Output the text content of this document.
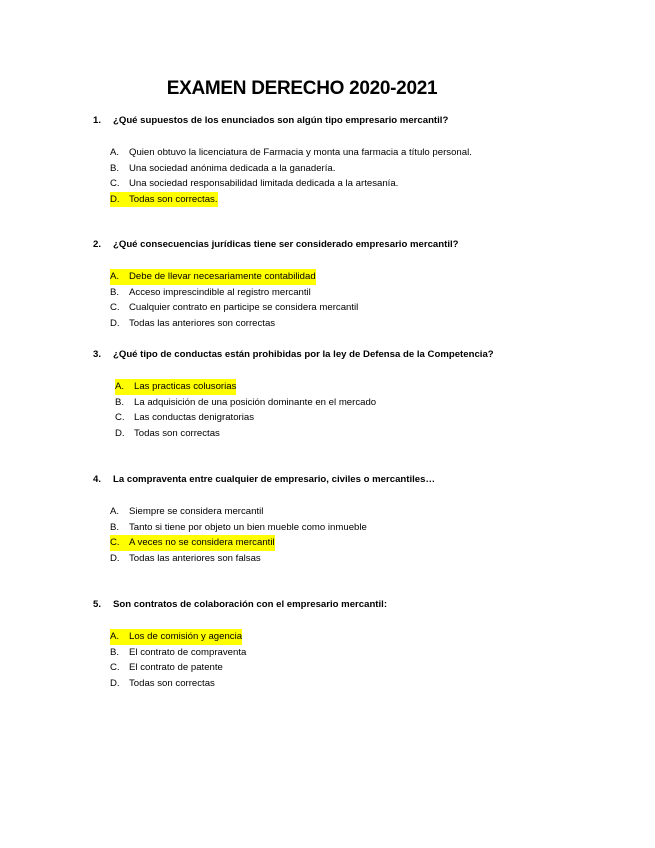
EXAMEN DERECHO 2020-2021
1. ¿Qué supuestos de los enunciados son algún tipo empresario mercantil?
A. Quien obtuvo la licenciatura de Farmacia y monta una farmacia a título personal.
B. Una sociedad anónima dedicada a la ganadería.
C. Una sociedad responsabilidad limitada dedicada a la artesanía.
D. Todas son correctas.
2. ¿Qué consecuencias jurídicas tiene ser considerado empresario mercantil?
A. Debe de llevar necesariamente contabilidad
B. Acceso imprescindible al registro mercantil
C. Cualquier contrato en participe se considera mercantil
D. Todas las anteriores son correctas
3. ¿Qué tipo de conductas están prohibidas por la ley de Defensa de la Competencia?
A. Las practicas colusorias
B. La adquisición de una posición dominante en el mercado
C. Las conductas denigratorias
D. Todas son correctas
4. La compraventa entre cualquier de empresario, civiles o mercantiles…
A. Siempre se considera mercantil
B. Tanto si tiene por objeto un bien mueble como inmueble
C. A veces no se considera mercantil
D. Todas las anteriores son falsas
5. Son contratos de colaboración con el empresario mercantil:
A. Los de comisión y agencia
B. El contrato de compraventa
C. El contrato de patente
D. Todas son correctas
